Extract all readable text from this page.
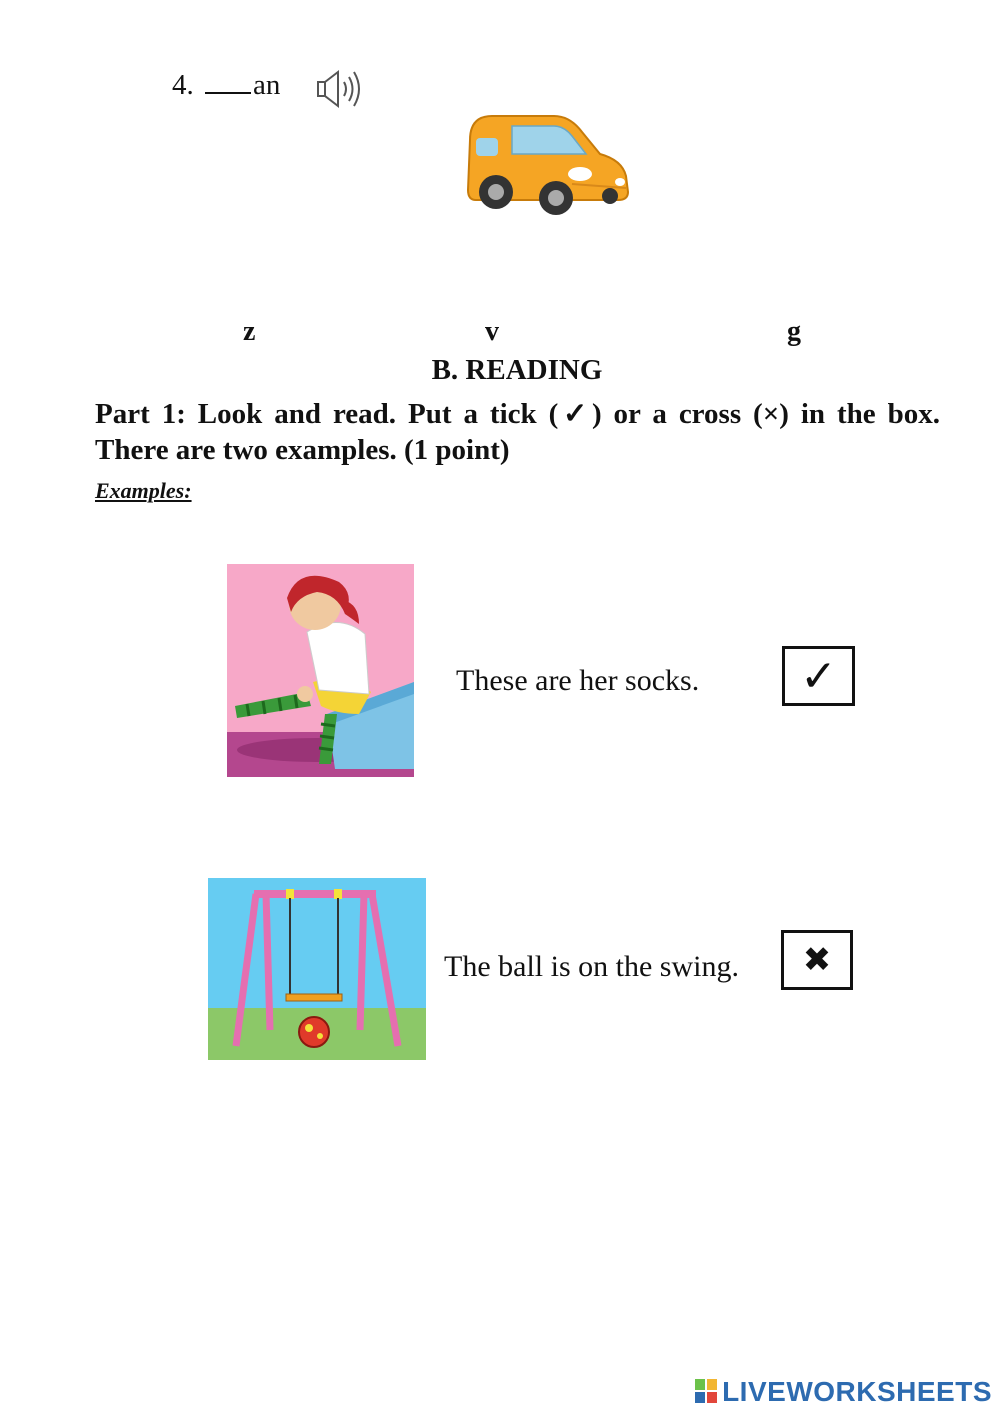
4. an
z	v	g
B. READING
Part 1: Look and read. Put a tick (✓) or a cross (×) in the box.
There are two examples. (1 point)
Examples:
These are her socks. ✓
The ball is on the swing. ✖
LIVEWORKSHEETS
